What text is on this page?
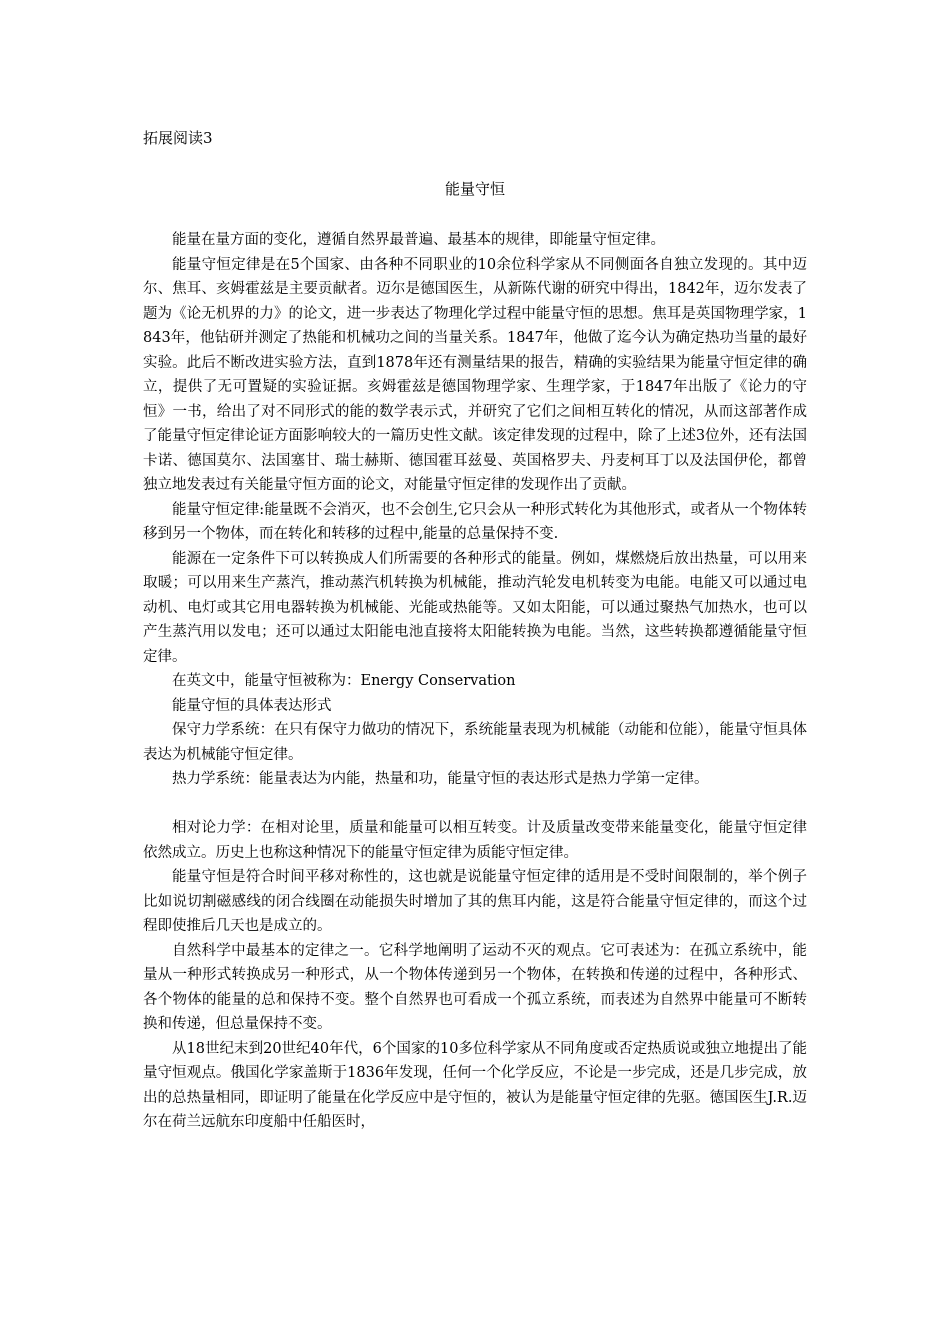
拓展阅读3
能量守恒

能量在量方面的变化，遵循自然界最普遍、最基本的规律，即能量守恒定律。

能量守恒定律是在5个国家、由各种不同职业的10余位科学家从不同侧面各自独立发现的。其中迈尔、焦耳、亥姆霍兹是主要贡献者。迈尔是德国医生，从新陈代谢的研究中得出，1842年，迈尔发表了题为《论无机界的力》的论文，进一步表达了物理化学过程中能量守恒的思想。焦耳是英国物理学家，1843年，他钻研并测定了热能和机械功之间的当量关系。1847年，他做了迄今认为确定热功当量的最好实验。此后不断改进实验方法，直到1878年还有测量结果的报告，精确的实验结果为能量守恒定律的确立，提供了无可置疑的实验证据。亥姆霍兹是德国物理学家、生理学家，于1847年出版了《论力的守恒》一书，给出了对不同形式的能的数学表示式，并研究了它们之间相互转化的情况，从而这部著作成了能量守恒定律论证方面影响较大的一篇历史性文献。该定律发现的过程中，除了上述3位外，还有法国卡诺、德国莫尔、法国塞甘、瑞士赫斯、德国霍耳兹曼、英国格罗夫、丹麦柯耳丁以及法国伊伦，都曾独立地发表过有关能量守恒方面的论文，对能量守恒定律的发现作出了贡献。

能量守恒定律:能量既不会消灭，也不会创生,它只会从一种形式转化为其他形式，或者从一个物体转移到另一个物体，而在转化和转移的过程中,能量的总量保持不变.

能源在一定条件下可以转换成人们所需要的各种形式的能量。例如，煤燃烧后放出热量，可以用来取暖；可以用来生产蒸汽，推动蒸汽机转换为机械能，推动汽轮发电机转变为电能。电能又可以通过电动机、电灯或其它用电器转换为机械能、光能或热能等。又如太阳能，可以通过聚热气加热水，也可以产生蒸汽用以发电；还可以通过太阳能电池直接将太阳能转换为电能。当然，这些转换都遵循能量守恒定律。

在英文中，能量守恒被称为：Energy Conservation

能量守恒的具体表达形式

保守力学系统：在只有保守力做功的情况下，系统能量表现为机械能（动能和位能），能量守恒具体表达为机械能守恒定律。

热力学系统：能量表达为内能，热量和功，能量守恒的表达形式是热力学第一定律。

相对论力学：在相对论里，质量和能量可以相互转变。计及质量改变带来能量变化，能量守恒定律依然成立。历史上也称这种情况下的能量守恒定律为质能守恒定律。

能量守恒是符合时间平移对称性的，这也就是说能量守恒定律的适用是不受时间限制的，举个例子比如说切割磁感线的闭合线圈在动能损失时增加了其的焦耳内能，这是符合能量守恒定律的，而这个过程即使推后几天也是成立的。

自然科学中最基本的定律之一。它科学地阐明了运动不灭的观点。它可表述为：在孤立系统中，能量从一种形式转换成另一种形式，从一个物体传递到另一个物体，在转换和传递的过程中，各种形式、各个物体的能量的总和保持不变。整个自然界也可看成一个孤立系统，而表述为自然界中能量可不断转换和传递，但总量保持不变。

从18世纪末到20世纪40年代，6个国家的10多位科学家从不同角度或否定热质说或独立地提出了能量守恒观点。俄国化学家盖斯于1836年发现，任何一个化学反应，不论是一步完成，还是几步完成，放出的总热量相同，即证明了能量在化学反应中是守恒的，被认为是能量守恒定律的先驱。德国医生J.R.迈尔在荷兰远航东印度船中任船医时，
